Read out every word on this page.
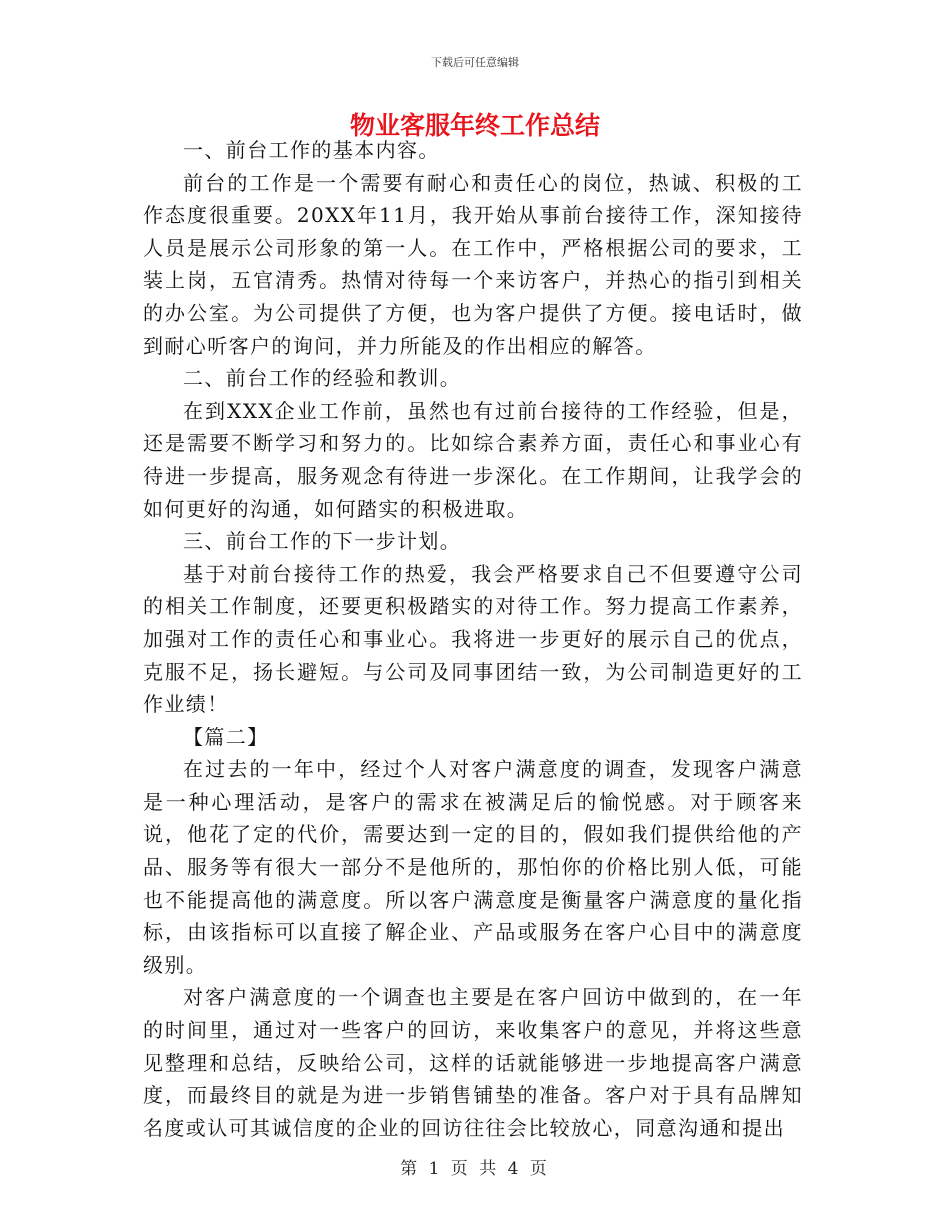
下载后可任意编辑
物业客服年终工作总结

一、前台工作的基本内容。

前台的工作是一个需要有耐心和责任心的岗位，热诚、积极的工作态度很重要。20XX年11月，我开始从事前台接待工作，深知接待人员是展示公司形象的第一人。在工作中，严格根据公司的要求，工装上岗，五官清秀。热情对待每一个来访客户，并热心的指引到相关的办公室。为公司提供了方便，也为客户提供了方便。接电话时，做到耐心听客户的询问，并力所能及的作出相应的解答。

二、前台工作的经验和教训。

在到XXX企业工作前，虽然也有过前台接待的工作经验，但是，还是需要不断学习和努力的。比如综合素养方面，责任心和事业心有待进一步提高，服务观念有待进一步深化。在工作期间，让我学会的如何更好的沟通，如何踏实的积极进取。

三、前台工作的下一步计划。

基于对前台接待工作的热爱，我会严格要求自己不但要遵守公司的相关工作制度，还要更积极踏实的对待工作。努力提高工作素养，加强对工作的责任心和事业心。我将进一步更好的展示自己的优点，克服不足，扬长避短。与公司及同事团结一致，为公司制造更好的工作业绩！

【篇二】

在过去的一年中，经过个人对客户满意度的调查，发现客户满意是一种心理活动，是客户的需求在被满足后的愉悦感。对于顾客来说，他花了定的代价，需要达到一定的目的，假如我们提供给他的产品、服务等有很大一部分不是他所的，那怕你的价格比别人低，可能也不能提高他的满意度。所以客户满意度是衡量客户满意度的量化指标，由该指标可以直接了解企业、产品或服务在客户心目中的满意度级别。

对客户满意度的一个调查也主要是在客户回访中做到的，在一年的时间里，通过对一些客户的回访，来收集客户的意见，并将这些意见整理和总结，反映给公司，这样的话就能够进一步地提高客户满意度，而最终目的就是为进一步销售铺垫的准备。客户对于具有品牌知名度或认可其诚信度的企业的回访往往会比较放心，同意沟通和提出

第 1 页 共 4 页
